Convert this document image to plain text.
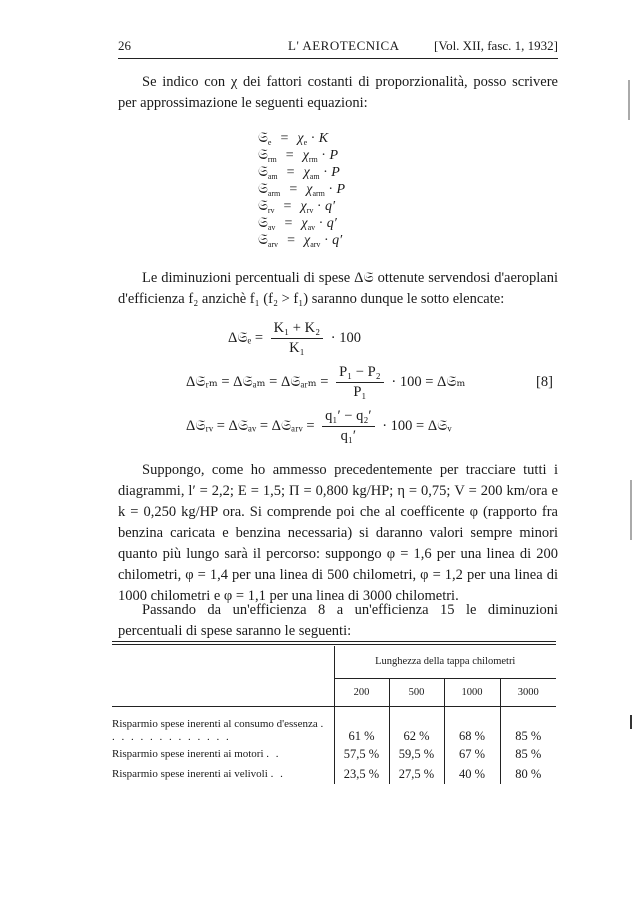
26	L' AEROTECNICA	[Vol. XII, fasc. 1, 1932]

Se indico con χ dei fattori costanti di proporzionalità, posso scrivere per approssimazione le seguenti equazioni:

𝔖$_e$ = $\chi_e \cdot K$
𝔖$_{rm}$ = $\chi_{rm} \cdot P$
𝔖$_{am}$ = $\chi_{am} \cdot P$
𝔖$_{arm}$ = $\chi_{arm} \cdot P$
𝔖$_{rv}$ = $\chi_{rv} \cdot q'$
𝔖$_{av}$ = $\chi_{av} \cdot q'$
𝔖$_{arv}$ = $\chi_{arv} \cdot q'$

Le diminuzioni percentuali di spese Δ𝔖 ottenute servendosi d'aeroplani d'efficienza f₂ anzichè f₁ (f₂ > f₁) saranno dunque le sotto elencate:

Δ𝔖ₑ = $\frac{\text{K₁ + K₂}}{\text{K₁}} \cdot 100$
Δ𝔖ᵣₘ = Δ𝔖ₐₘ = Δ𝔖ₐᵣₘ = $\frac{\text{P₁ − P₂}}{\text{P₁}} \cdot 100$ = Δ𝔖ₘ	[8]
Δ𝔖ᵣᵥ = Δ𝔖ₐᵥ = Δ𝔖ₐᵣᵥ = $\frac{\text{q₁′ − q₂′}}{\text{q₁′}} \cdot 100$ = Δ𝔖ᵥ

Suppongo, come ho ammesso precedentemente per tracciare tutti i diagrammi, l′ = 2,2; E = 1,5; Π = 0,800 kg/HP; η = 0,75; V = 200 km/ora e k = 0,250 kg/HP ora. Si comprende poi che al coefficente φ (rapporto fra benzina caricata e benzina necessaria) si daranno valori sempre minori quanto più lungo sarà il percorso: suppongo φ = 1,6 per una linea di 200 chilometri, φ = 1,4 per una linea di 500 chilometri, φ = 1,2 per una linea di 1000 chilometri e φ = 1,1 per una linea di 3000 chilometri.

Passando da un'efficienza 8 a un'efficienza 15 le diminuzioni percentuali di spese saranno le seguenti:

	Lunghezza della tappa chilometri			
	200	500	1000	3000

Risparmio spese inerenti al consumo d'essenza . . . . . . . . . . . . . .	61 %	62 %	68 %	85 %
Risparmio spese inerenti ai motori . .	57,5 %	59,5 %	67 %	85 %
Risparmio spese inerenti ai velivoli . .	23,5 %	27,5 %	40 %	80 %
